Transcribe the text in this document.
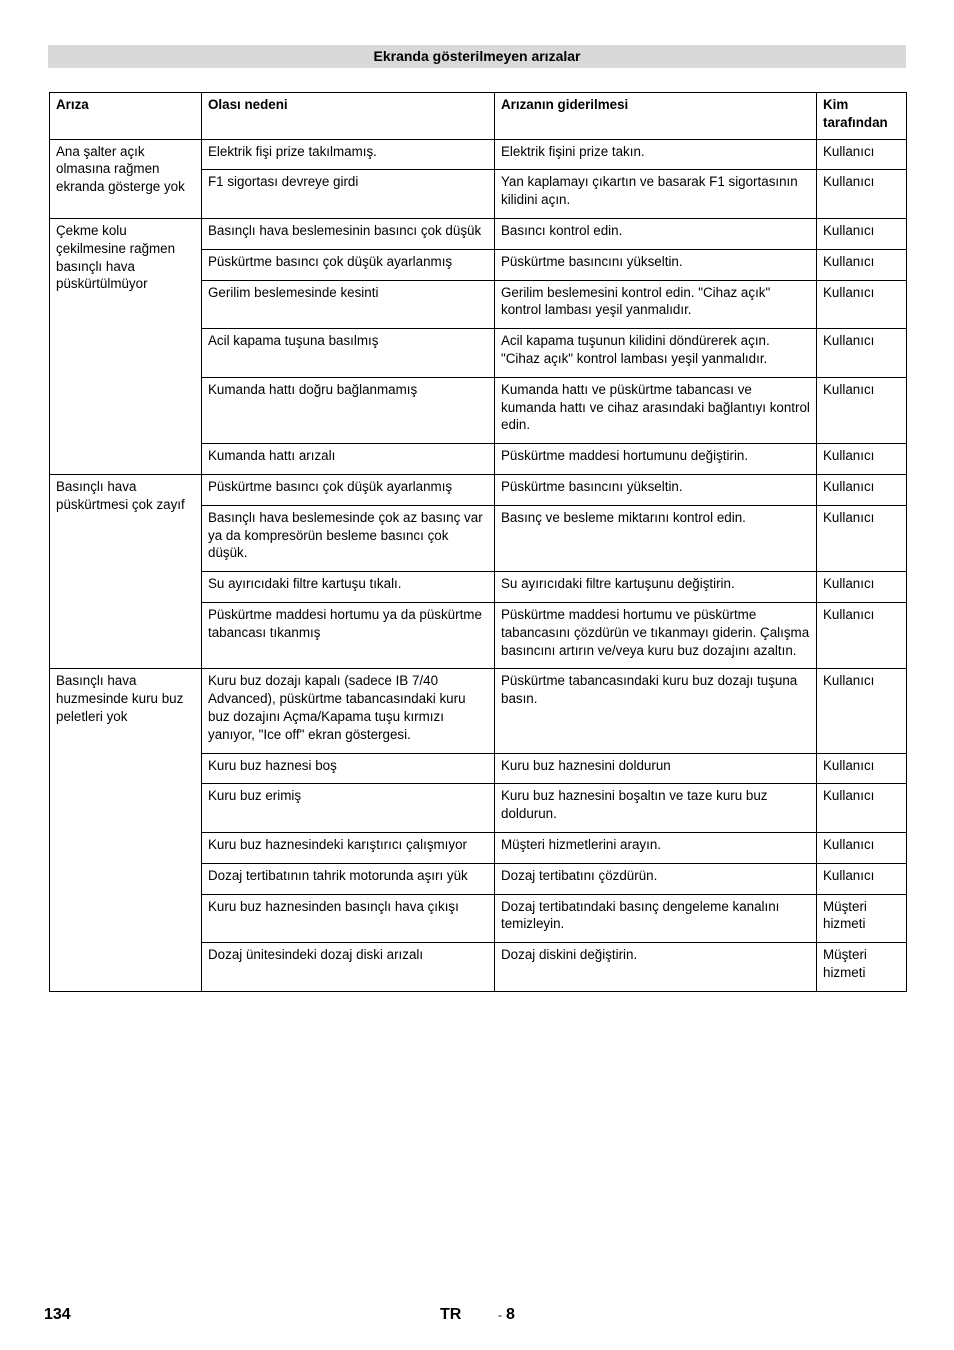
Ekranda gösterilmeyen arızalar
Arıza	Olası nedeni	Arızanın giderilmesi	Kim tarafından
Ana şalter açık olmasına rağmen ekranda gösterge yok	Elektrik fişi prize takılmamış.	Elektrik fişini prize takın.	Kullanıcı
	F1 sigortası devreye girdi	Yan kaplamayı çıkartın ve basarak F1 sigortasının kilidini açın.	Kullanıcı
Çekme kolu çekilmesine rağmen basınçlı hava püskürtülmüyor	Basınçlı hava beslemesinin basıncı çok düşük	Basıncı kontrol edin.	Kullanıcı
	Püskürtme basıncı çok düşük ayarlanmış	Püskürtme basıncını yükseltin.	Kullanıcı
	Gerilim beslemesinde kesinti	Gerilim beslemesini kontrol edin. "Cihaz açık" kontrol lambası yeşil yanmalıdır.	Kullanıcı
	Acil kapama tuşuna basılmış	Acil kapama tuşunun kilidini döndürerek açın. "Cihaz açık" kontrol lambası yeşil yanmalıdır.	Kullanıcı
	Kumanda hattı doğru bağlanmamış	Kumanda hattı ve püskürtme tabancası ve kumanda hattı ve cihaz arasındaki bağlantıyı kontrol edin.	Kullanıcı
	Kumanda hattı arızalı	Püskürtme maddesi hortumunu değiştirin.	Kullanıcı
Basınçlı hava püskürtmesi çok zayıf	Püskürtme basıncı çok düşük ayarlanmış	Püskürtme basıncını yükseltin.	Kullanıcı
	Basınçlı hava beslemesinde çok az basınç var ya da kompresörün besleme basıncı çok düşük.	Basınç ve besleme miktarını kontrol edin.	Kullanıcı
	Su ayırıcıdaki filtre kartuşu tıkalı.	Su ayırıcıdaki filtre kartuşunu değiştirin.	Kullanıcı
	Püskürtme maddesi hortumu ya da püskürtme tabancası tıkanmış	Püskürtme maddesi hortumu ve püskürtme tabancasını çözdürün ve tıkanmayı giderin. Çalışma basıncını artırın ve/veya kuru buz dozajını azaltın.	Kullanıcı
Basınçlı hava huzmesinde kuru buz peletleri yok	Kuru buz dozajı kapalı (sadece IB 7/40 Advanced), püskürtme tabancasındaki kuru buz dozajını Açma/Kapama tuşu kırmızı yanıyor, "Ice off" ekran göstergesi.	Püskürtme tabancasındaki kuru buz dozajı tuşuna basın.	Kullanıcı
	Kuru buz haznesi boş	Kuru buz haznesini doldurun	Kullanıcı
	Kuru buz erimiş	Kuru buz haznesini boşaltın ve taze kuru buz doldurun.	Kullanıcı
	Kuru buz haznesindeki karıştırıcı çalışmıyor	Müşteri hizmetlerini arayın.	Kullanıcı
	Dozaj tertibatının tahrik motorunda aşırı yük	Dozaj tertibatını çözdürün.	Kullanıcı
	Kuru buz haznesinden basınçlı hava çıkışı	Dozaj tertibatındaki basınç dengeleme kanalını temizleyin.	Müşteri hizmeti
	Dozaj ünitesindeki dozaj diski arızalı	Dozaj diskini değiştirin.	Müşteri hizmeti
134	TR	- 8
